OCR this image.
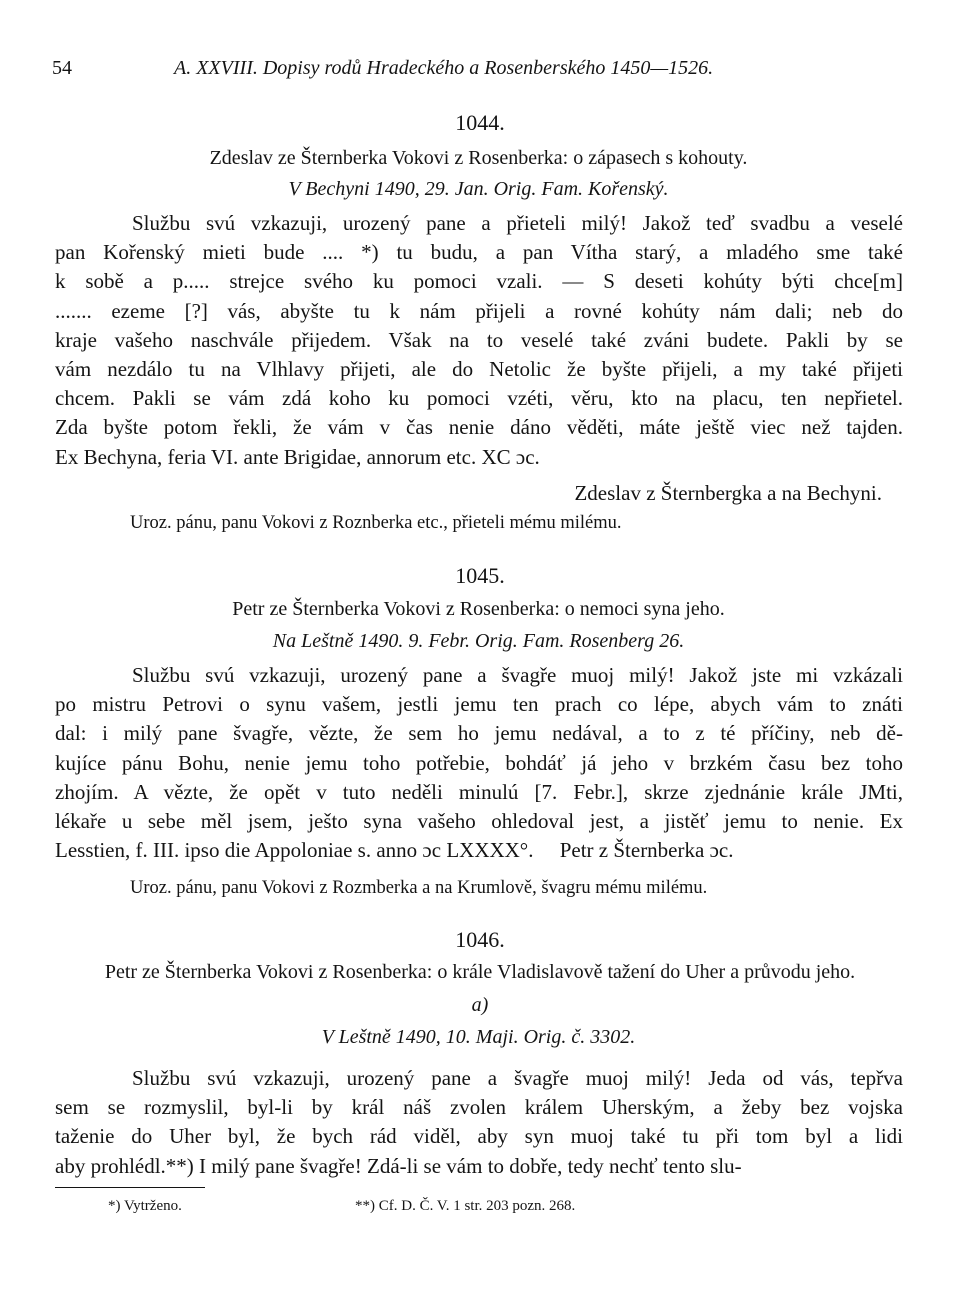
54	A. XXVIII. Dopisy rodů Hradeckého a Rosenberského 1450—1526.
1044.
Zdeslav ze Šternberka Vokovi z Rosenberka: o zápasech s kohouty.
V Bechyni 1490, 29. Jan. Orig. Fam. Kořenský.
Službu svú vzkazuji, urozený pane a přieteli milý! Jakož teď svadbu a veselé
pan Kořenský mieti bude .... *) tu budu, a pan Vítha starý, a mladého sme také
k sobě a p..... strejce svého ku pomoci vzali. — S deseti kohúty býti chce[m]
....... ezeme [?] vás, abyšte tu k nám přijeli a rovné kohúty nám dali; neb do
kraje vašeho naschvále přijedem. Však na to veselé také zváni budete. Pakli by se
vám nezdálo tu na Vlhlavy přijeti, ale do Netolic že byšte přijeli, a my také přijeti
chcem. Pakli se vám zdá koho ku pomoci vzéti, věru, kto na placu, ten nepřietel.
Zda byšte potom řekli, že vám v čas nenie dáno věděti, máte ještě viec než tajden.
Ex Bechyna, feria VI. ante Brigidae, annorum etc. XC ɔc.
Zdeslav z Šternbergka a na Bechyni.
Uroz. pánu, panu Vokovi z Roznberka etc., přieteli mému milému.
1045.
Petr ze Šternberka Vokovi z Rosenberka: o nemoci syna jeho.
Na Leštně 1490. 9. Febr. Orig. Fam. Rosenberg 26.
Službu svú vzkazuji, urozený pane a švagře muoj milý! Jakož jste mi vzkázali
po mistru Petrovi o synu vašem, jestli jemu ten prach co lépe, abych vám to znáti
dal: i milý pane švagře, vězte, že sem ho jemu nedával, a to z té příčiny, neb dě-
kujíce pánu Bohu, nenie jemu toho potřebie, bohdáť já jeho v brzkém času bez toho
zhojím. A vězte, že opět v tuto neděli minulú [7. Febr.], skrze zjednánie krále JMti,
lékaře u sebe měl jsem, ješto syna vašeho ohledoval jest, a jistěť jemu to nenie. Ex
Lesstien, f. III. ipso die Appoloniae s. anno ɔc LXXXX°.     Petr z Šternberka ɔc.
Uroz. pánu, panu Vokovi z Rozmberka a na Krumlově, švagru mému milému.
1046.
Petr ze Šternberka Vokovi z Rosenberka: o krále Vladislavově tažení do Uher a průvodu jeho.
a)
V Leštně 1490, 10. Maji. Orig. č. 3302.
Službu svú vzkazuji, urozený pane a švagře muoj milý! Jeda od vás, tepřva
sem se rozmyslil, byl-li by král náš zvolen králem Uherským, a žeby bez vojska
taženie do Uher byl, že bych rád viděl, aby syn muoj také tu při tom byl a lidi
aby prohlédl.**) I milý pane švagře! Zdá-li se vám to dobře, tedy nechť tento slu-
*) Vytrženo.	**) Cf. D. Č. V. 1 str. 203 pozn. 268.
